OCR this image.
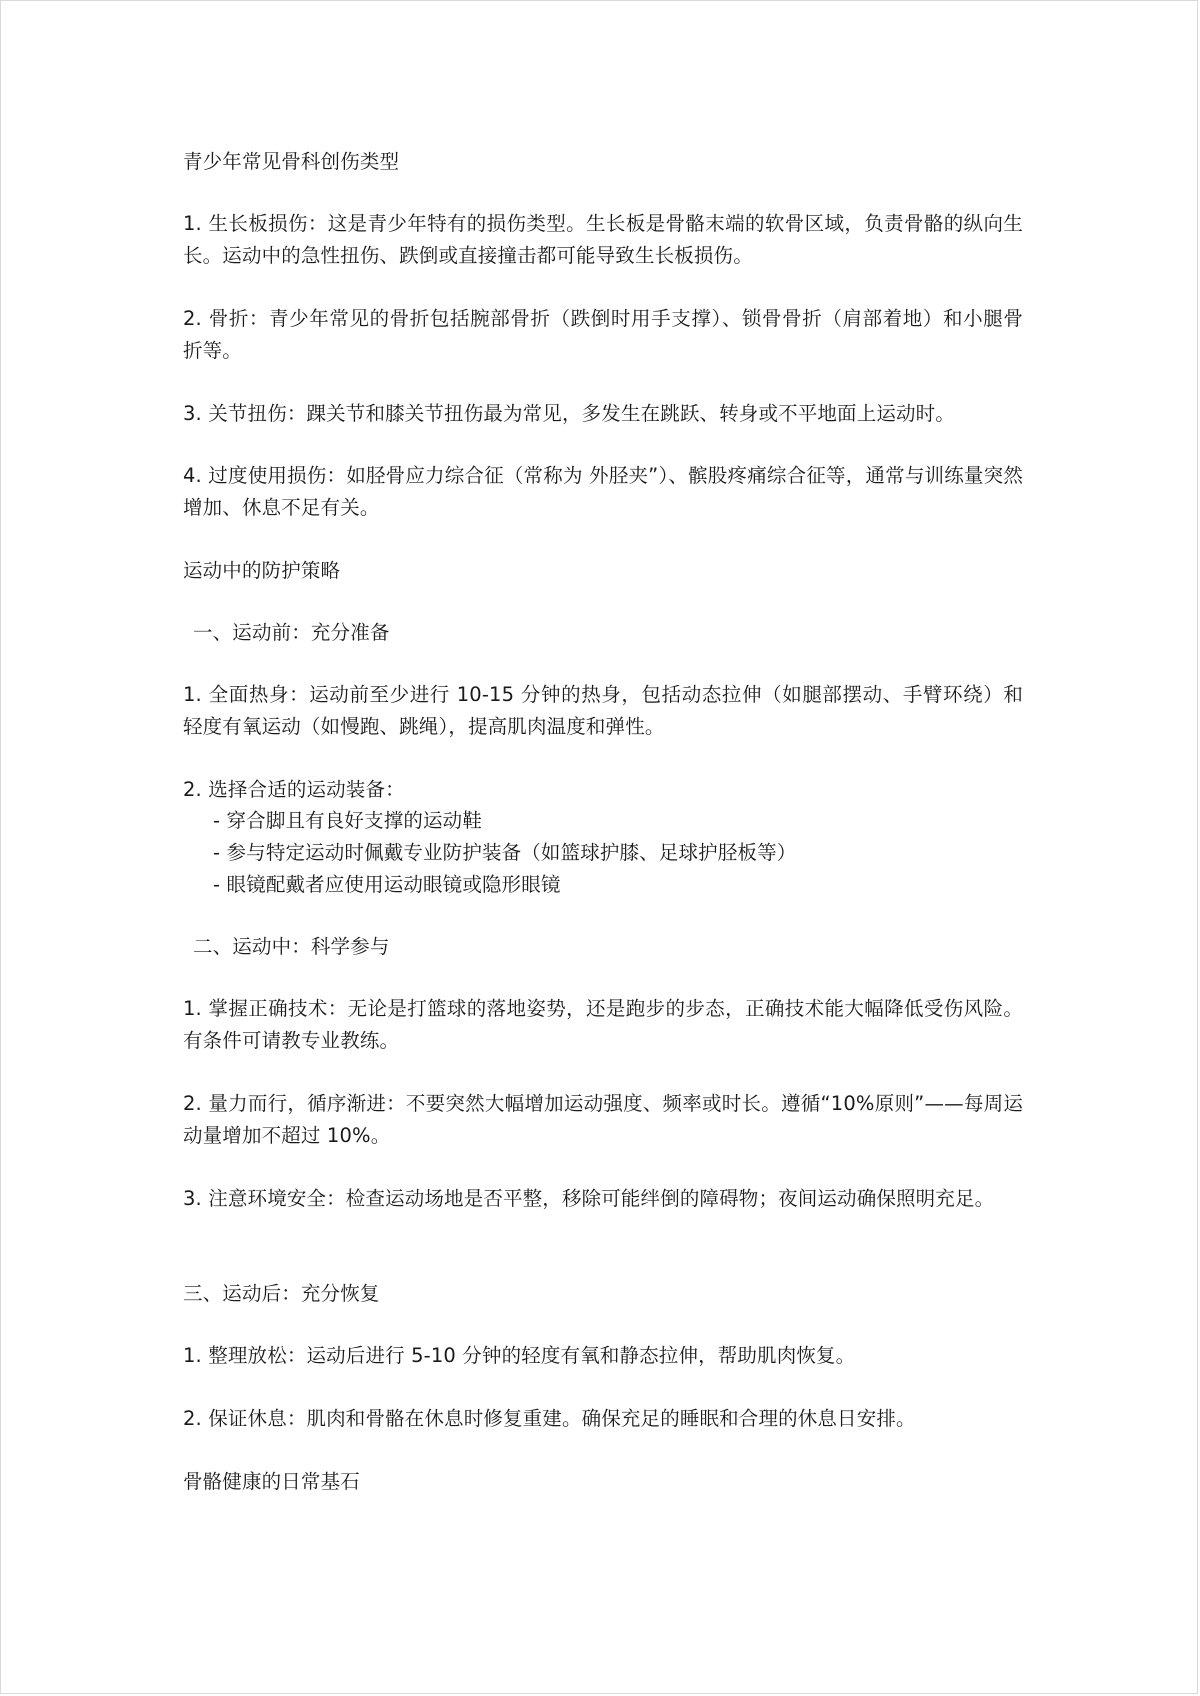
青少年常见骨科创伤类型

1. 生长板损伤：这是青少年特有的损伤类型。生长板是骨骼末端的软骨区域，负责骨骼的纵向生长。运动中的急性扭伤、跌倒或直接撞击都可能导致生长板损伤。

2. 骨折：青少年常见的骨折包括腕部骨折（跌倒时用手支撑）、锁骨骨折（肩部着地）和小腿骨折等。

3. 关节扭伤：踝关节和膝关节扭伤最为常见，多发生在跳跃、转身或不平地面上运动时。

4. 过度使用损伤：如胫骨应力综合征（常称为 外胫夹”）、髌股疼痛综合征等，通常与训练量突然增加、休息不足有关。

运动中的防护策略

一、运动前：充分准备

1. 全面热身：运动前至少进行 10-15 分钟的热身，包括动态拉伸（如腿部摆动、手臂环绕）和轻度有氧运动（如慢跑、跳绳），提高肌肉温度和弹性。

2. 选择合适的运动装备：

- 穿合脚且有良好支撑的运动鞋

- 参与特定运动时佩戴专业防护装备（如篮球护膝、足球护胫板等）

- 眼镜配戴者应使用运动眼镜或隐形眼镜

二、运动中：科学参与

1. 掌握正确技术：无论是打篮球的落地姿势，还是跑步的步态，正确技术能大幅降低受伤风险。有条件可请教专业教练。

2. 量力而行，循序渐进：不要突然大幅增加运动强度、频率或时长。遵循“10%原则”——每周运动量增加不超过 10%。

3. 注意环境安全：检查运动场地是否平整，移除可能绊倒的障碍物；夜间运动确保照明充足。

三、运动后：充分恢复

1. 整理放松：运动后进行 5-10 分钟的轻度有氧和静态拉伸，帮助肌肉恢复。

2. 保证休息：肌肉和骨骼在休息时修复重建。确保充足的睡眠和合理的休息日安排。

骨骼健康的日常基石
